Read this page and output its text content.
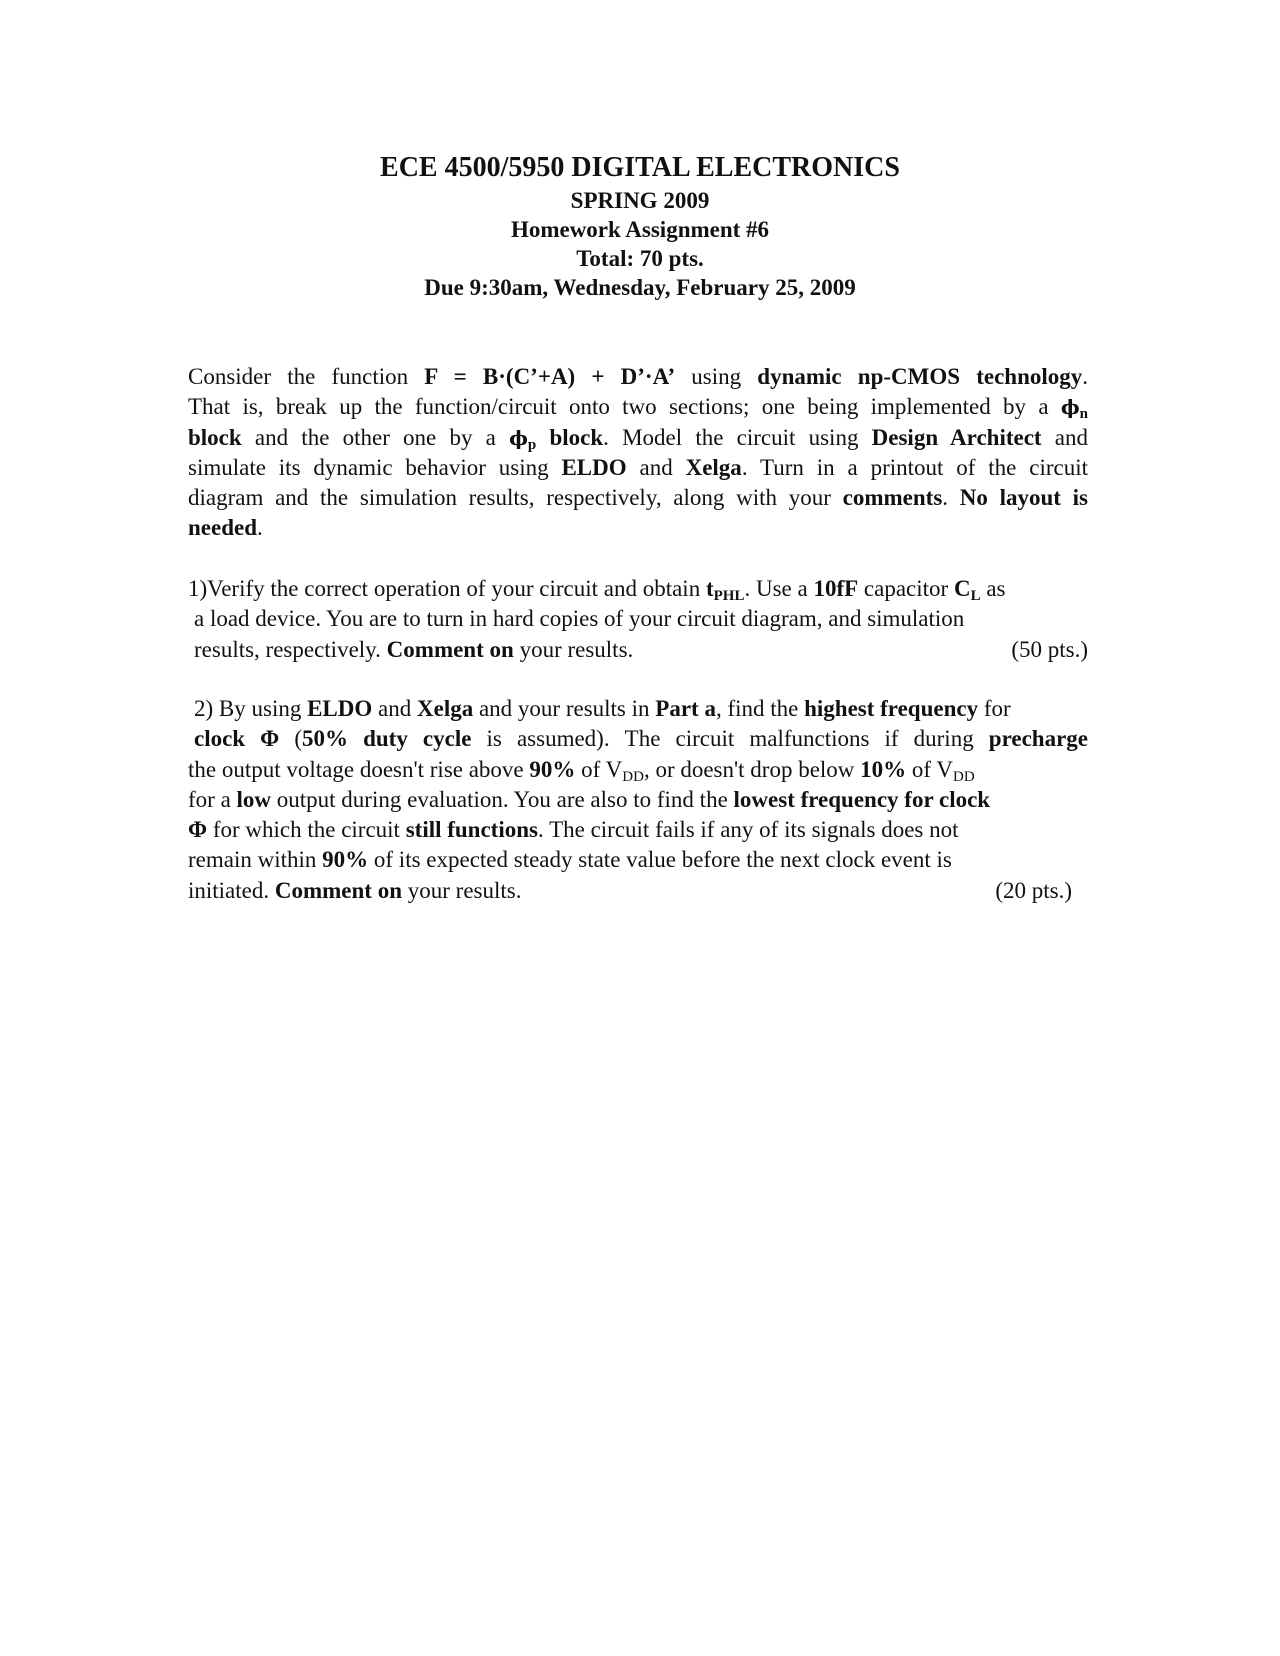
ECE 4500/5950 DIGITAL ELECTRONICS
SPRING 2009
Homework Assignment #6
Total: 70 pts.
Due 9:30am, Wednesday, February 25, 2009
Consider the function F = B·(C’+A) + D’·A’ using dynamic np-CMOS technology.
That is, break up the function/circuit onto two sections; one being implemented by a $\phi_n$
block and the other one by a $\phi_p$ block. Model the circuit using Design Architect and
simulate its dynamic behavior using ELDO and Xelga. Turn in a printout of the circuit
diagram and the simulation results, respectively, along with your comments. No layout is
needed.
1)Verify the correct operation of your circuit and obtain $t_{PHL}$. Use a 10fF capacitor $C_L$ as
a load device. You are to turn in hard copies of your circuit diagram, and simulation
results, respectively. Comment on your results.	(50 pts.)
2) By using ELDO and Xelga and your results in Part a, find the highest frequency for
clock Φ (50% duty cycle is assumed). The circuit malfunctions if during precharge
the output voltage doesn't rise above 90% of $V_{DD}$, or doesn't drop below 10% of $V_{DD}$
for a low output during evaluation. You are also to find the lowest frequency for clock
Φ for which the circuit still functions. The circuit fails if any of its signals does not
remain within 90% of its expected steady state value before the next clock event is
initiated. Comment on your results.	(20 pts.)
